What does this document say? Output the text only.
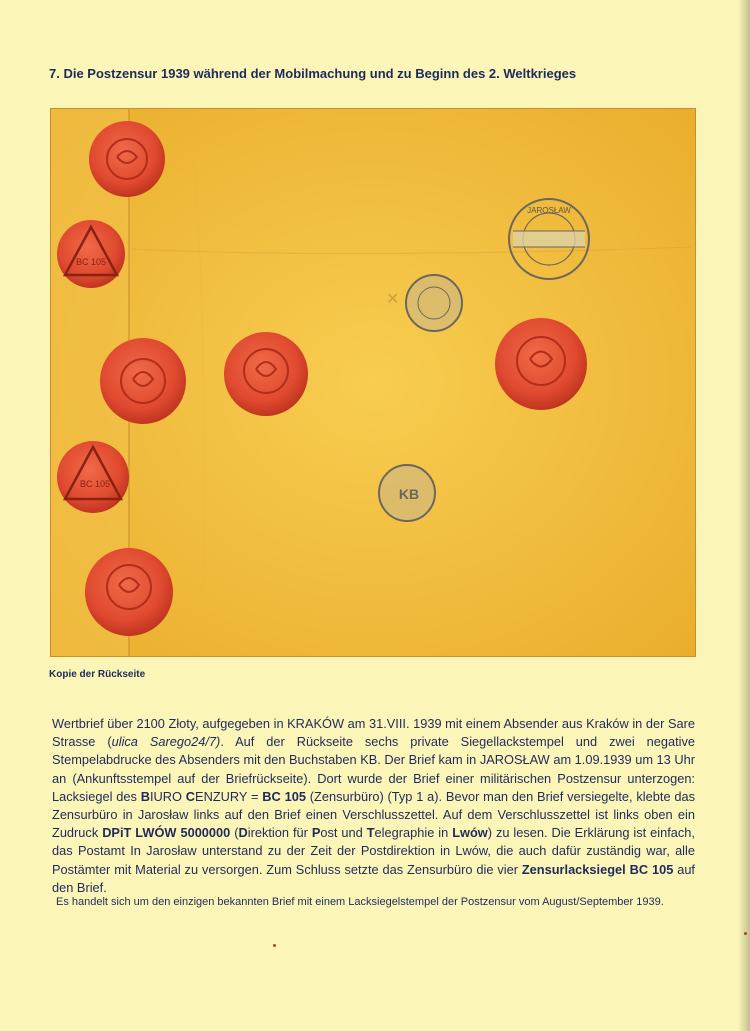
7. Die Postzensur 1939 während der Mobilmachung und zu Beginn des 2. Weltkrieges
BC 105
BC 105
JAROSŁAW
KB
✕
Kopie der Rückseite
Wertbrief über 2100 Złoty, aufgegeben in KRAKÓW am 31.VIII. 1939 mit einem Absender aus Kraków in der Sare Strasse (ulica Sarego24/7). Auf der Rückseite sechs private Siegellackstempel und zwei negative Stempelabdrucke des Absenders mit den Buchstaben KB. Der Brief kam in JAROSŁAW am 1.09.1939 um 13 Uhr an (Ankunftsstempel auf der Briefrückseite). Dort wurde der Brief einer militärischen Postzensur unterzogen: Lacksiegel des BIURO CENZURY = BC 105 (Zensurbüro) (Typ 1 a). Bevor man den Brief versiegelte, klebte das Zensurbüro in Jarosław links auf den Brief einen Verschlusszettel. Auf dem Verschlusszettel ist links oben ein Zudruck DPiT LWÓW 5000000 (Direktion für Post und Telegraphie in Lwów) zu lesen. Die Erklärung ist einfach, das Postamt In Jarosław unterstand zu der Zeit der Postdirektion in Lwów, die auch dafür zuständig war, alle Postämter mit Material zu versorgen. Zum Schluss setzte das Zensurbüro die vier Zensurlacksiegel BC 105 auf den Brief.
Es handelt sich um den einzigen bekannten Brief mit einem Lacksiegelstempel der Postzensur vom August/September 1939.
